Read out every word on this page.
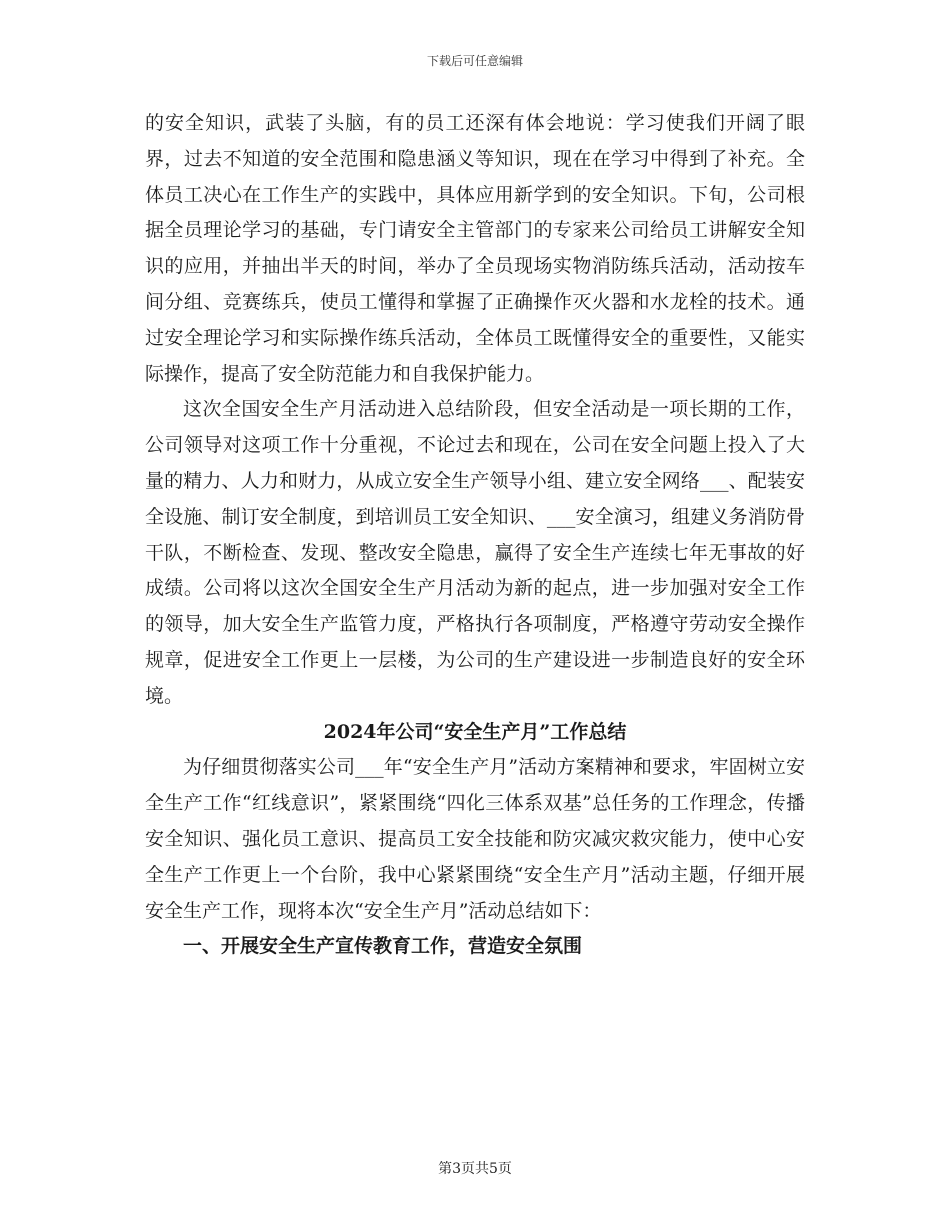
下载后可任意编辑

的安全知识，武装了头脑，有的员工还深有体会地说：学习使我们开阔了眼界，过去不知道的安全范围和隐患涵义等知识，现在在学习中得到了补充。全体员工决心在工作生产的实践中，具体应用新学到的安全知识。下旬，公司根据全员理论学习的基础，专门请安全主管部门的专家来公司给员工讲解安全知识的应用，并抽出半天的时间，举办了全员现场实物消防练兵活动，活动按车间分组、竞赛练兵，使员工懂得和掌握了正确操作灭火器和水龙栓的技术。通过安全理论学习和实际操作练兵活动，全体员工既懂得安全的重要性，又能实际操作，提高了安全防范能力和自我保护能力。

这次全国安全生产月活动进入总结阶段，但安全活动是一项长期的工作，公司领导对这项工作十分重视，不论过去和现在，公司在安全问题上投入了大量的精力、人力和财力，从成立安全生产领导小组、建立安全网络___、配装安全设施、制订安全制度，到培训员工安全知识、___安全演习，组建义务消防骨干队，不断检查、发现、整改安全隐患，赢得了安全生产连续七年无事故的好成绩。公司将以这次全国安全生产月活动为新的起点，进一步加强对安全工作的领导，加大安全生产监管力度，严格执行各项制度，严格遵守劳动安全操作规章，促进安全工作更上一层楼，为公司的生产建设进一步制造良好的安全环境。

2024年公司“安全生产月”工作总结

为仔细贯彻落实公司___年“安全生产月”活动方案精神和要求，牢固树立安全生产工作“红线意识”，紧紧围绕“四化三体系双基”总任务的工作理念，传播安全知识、强化员工意识、提高员工安全技能和防灾减灾救灾能力，使中心安全生产工作更上一个台阶，我中心紧紧围绕“安全生产月”活动主题，仔细开展安全生产工作，现将本次“安全生产月”活动总结如下：

一、开展安全生产宣传教育工作，营造安全氛围

第3页共5页
